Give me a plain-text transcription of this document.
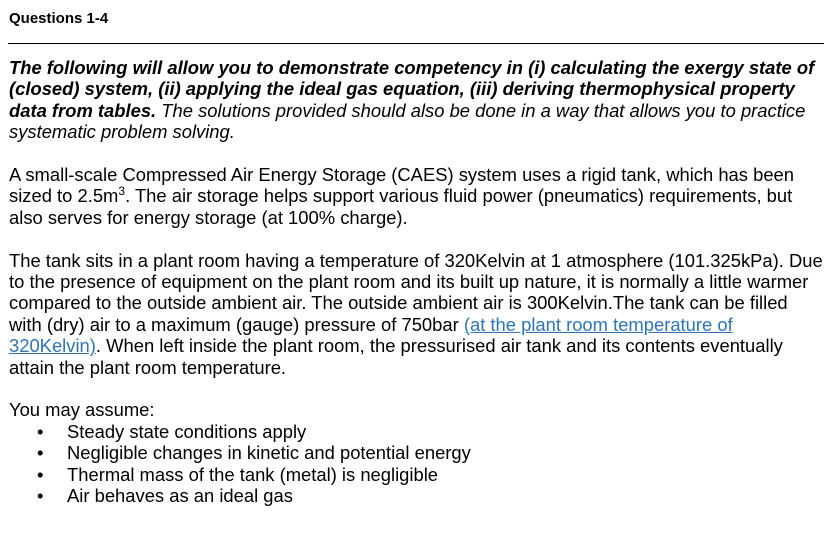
Questions 1-4

The following will allow you to demonstrate competency in (i) calculating the exergy state of (closed) system, (ii) applying the ideal gas equation, (iii) deriving thermophysical property data from tables. The solutions provided should also be done in a way that allows you to practice systematic problem solving.

A small-scale Compressed Air Energy Storage (CAES) system uses a rigid tank, which has been sized to $2.5m^3$. The air storage helps support various fluid power (pneumatics) requirements, but also serves for energy storage (at 100% charge).

The tank sits in a plant room having a temperature of 320Kelvin at 1 atmosphere (101.325kPa). Due to the presence of equipment on the plant room and its built up nature, it is normally a little warmer compared to the outside ambient air. The outside ambient air is 300Kelvin.The tank can be filled with (dry) air to a maximum (gauge) pressure of 750bar (at the plant room temperature of 320Kelvin). When left inside the plant room, the pressurised air tank and its contents eventually attain the plant room temperature.

You may assume:
• Steady state conditions apply
• Negligible changes in kinetic and potential energy
• Thermal mass of the tank (metal) is negligible
• Air behaves as an ideal gas
